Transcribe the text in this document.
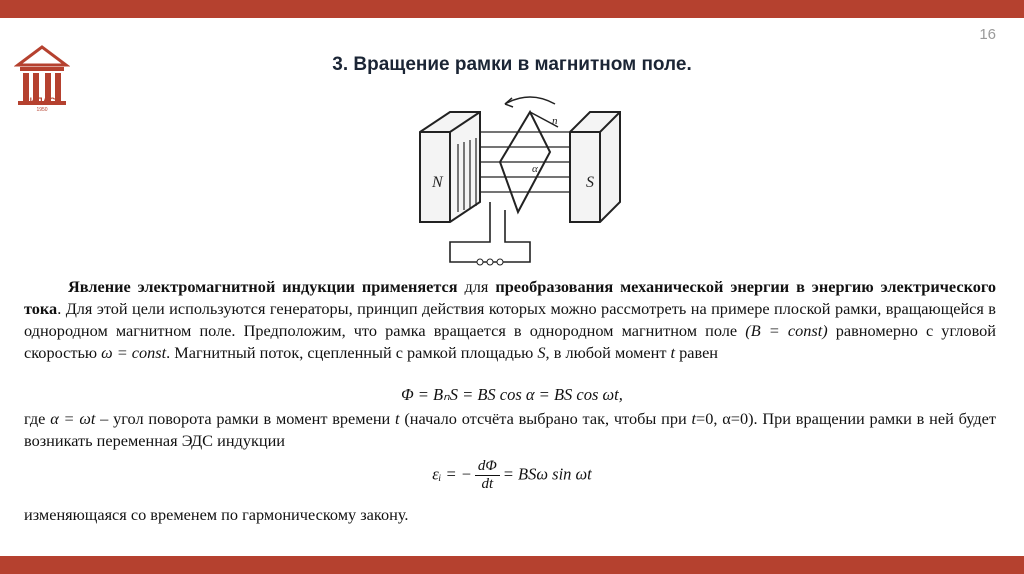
16
СИПАСУ
1950
3. Вращение рамки в магнитном поле.
N	S
n
α
Явление электромагнитной индукции применяется для преобразования механической энергии в энергию электрического тока. Для этой цели используются генераторы, принцип действия которых можно рассмотреть на примере плоской рамки, вращающейся в однородном магнитном поле. Предположим, что рамка вращается в однородном магнитном поле (B = const) равномерно с угловой скоростью ω = const. Магнитный поток, сцепленный с рамкой площадью S, в любой момент t равен
Φ = BₙS = BS cos α = BS cos ωt,
где α = ωt – угол поворота рамки в момент времени t (начало отсчёта выбрано так, чтобы при t=0, α=0). При вращении рамки в ней будет возникать переменная ЭДС индукции
εᵢ = − $\frac{d\Phi}{dt} = BS\omega$ sin ωt
изменяющаяся со временем по гармоническому закону.
